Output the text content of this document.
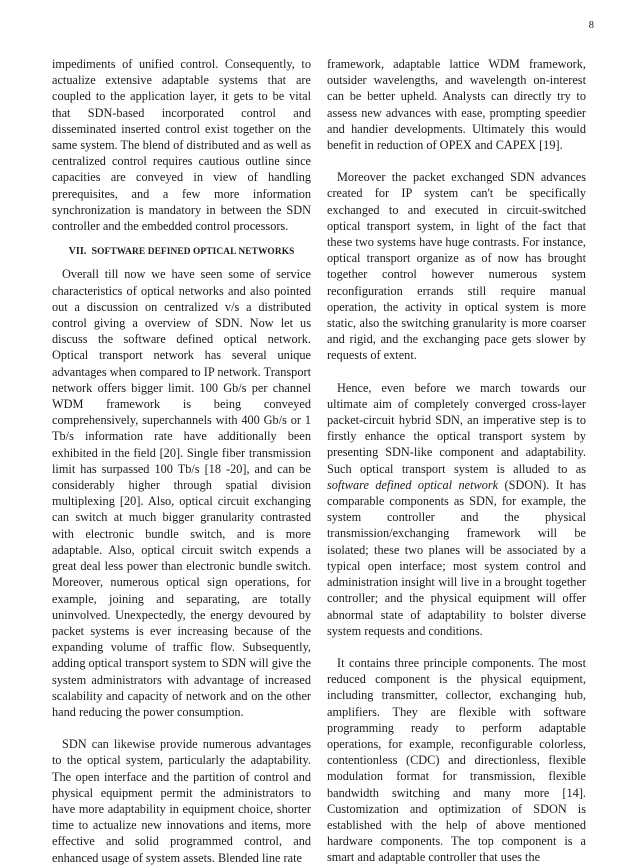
8

impediments of unified control. Consequently, to actualize extensive adaptable systems that are coupled to the application layer, it gets to be vital that SDN-based incorporated control and disseminated inserted control exist together on the same system. The blend of distributed and as well as centralized control requires cautious outline since capacities are conveyed in view of handling prerequisites, and a few more information synchronization is mandatory in between the SDN controller and the embedded control processors.

VII. SOFTWARE DEFINED OPTICAL NETWORKS

Overall till now we have seen some of service characteristics of optical networks and also pointed out a discussion on centralized v/s a distributed control giving a overview of SDN. Now let us discuss the software defined optical network. Optical transport network has several unique advantages when compared to IP network. Transport network offers bigger limit. 100 Gb/s per channel WDM framework is being conveyed comprehensively, superchannels with 400 Gb/s or 1 Tb/s information rate have additionally been exhibited in the field [20]. Single fiber transmission limit has surpassed 100 Tb/s [18 -20], and can be considerably higher through spatial division multiplexing [20]. Also, optical circuit exchanging can switch at much bigger granularity contrasted with electronic bundle switch, and is more adaptable. Also, optical circuit switch expends a great deal less power than electronic bundle switch. Moreover, numerous optical sign operations, for example, joining and separating, are totally uninvolved. Unexpectedly, the energy devoured by packet systems is ever increasing because of the expanding volume of traffic flow. Subsequently, adding optical transport system to SDN will give the system administrators with advantage of increased scalability and capacity of network and on the other hand reducing the power consumption.

SDN can likewise provide numerous advantages to the optical system, particularly the adaptability. The open interface and the partition of control and physical equipment permit the administrators to have more adaptability in equipment choice, shorter time to actualize new innovations and items, more effective and solid programmed control, and enhanced usage of system assets. Blended line rate

framework, adaptable lattice WDM framework, outsider wavelengths, and wavelength on-interest can be better upheld. Analysts can directly try to assess new advances with ease, prompting speedier and handier developments. Ultimately this would benefit in reduction of OPEX and CAPEX [19].

Moreover the packet exchanged SDN advances created for IP system can't be specifically exchanged to and executed in circuit-switched optical transport system, in light of the fact that these two systems have huge contrasts. For instance, optical transport organize as of now has brought together control however numerous system reconfiguration errands still require manual operation, the activity in optical system is more static, also the switching granularity is more coarser and rigid, and the exchanging pace gets slower by requests of extent.

Hence, even before we march towards our ultimate aim of completely converged cross-layer packet-circuit hybrid SDN, an imperative step is to firstly enhance the optical transport system by presenting SDN-like component and adaptability. Such optical transport system is alluded to as software defined optical network (SDON). It has comparable components as SDN, for example, the system controller and the physical transmission/exchanging framework will be isolated; these two planes will be associated by a typical open interface; most system control and administration insight will live in a brought together controller; and the physical equipment will offer abnormal state of adaptability to bolster diverse system requests and conditions.

It contains three principle components. The most reduced component is the physical equipment, including transmitter, collector, exchanging hub, amplifiers. They are flexible with software programming ready to perform adaptable operations, for example, reconfigurable colorless, contentionless (CDC) and directionless, flexible modulation format for transmission, flexible bandwidth switching and many more [14]. Customization and optimization of SDON is established with the help of above mentioned hardware components. The top component is a smart and adaptable controller that uses the
